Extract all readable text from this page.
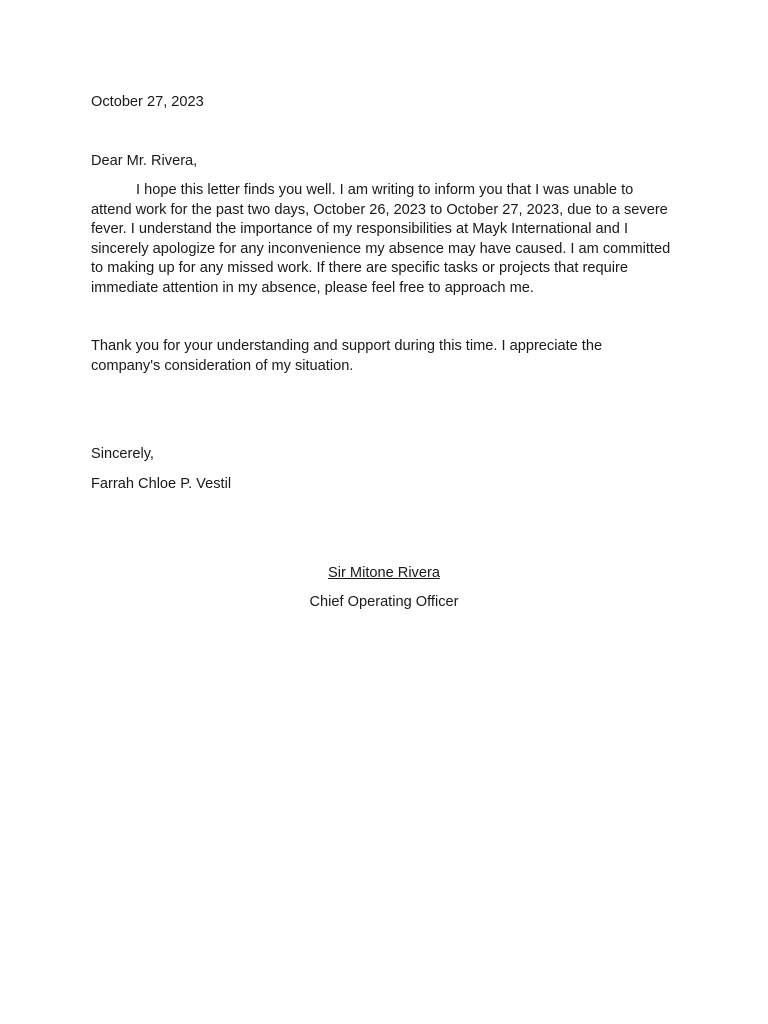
October 27, 2023
Dear Mr. Rivera,

I hope this letter finds you well. I am writing to inform you that I was unable to attend work for the past two days, October 26, 2023 to October 27, 2023, due to a severe fever. I understand the importance of my responsibilities at Mayk International and I sincerely apologize for any inconvenience my absence may have caused. I am committed to making up for any missed work. If there are specific tasks or projects that require immediate attention in my absence, please feel free to approach me.

Thank you for your understanding and support during this time. I appreciate the company's consideration of my situation.

Sincerely,
Farrah Chloe P. Vestil
Sir Mitone Rivera
Chief Operating Officer
